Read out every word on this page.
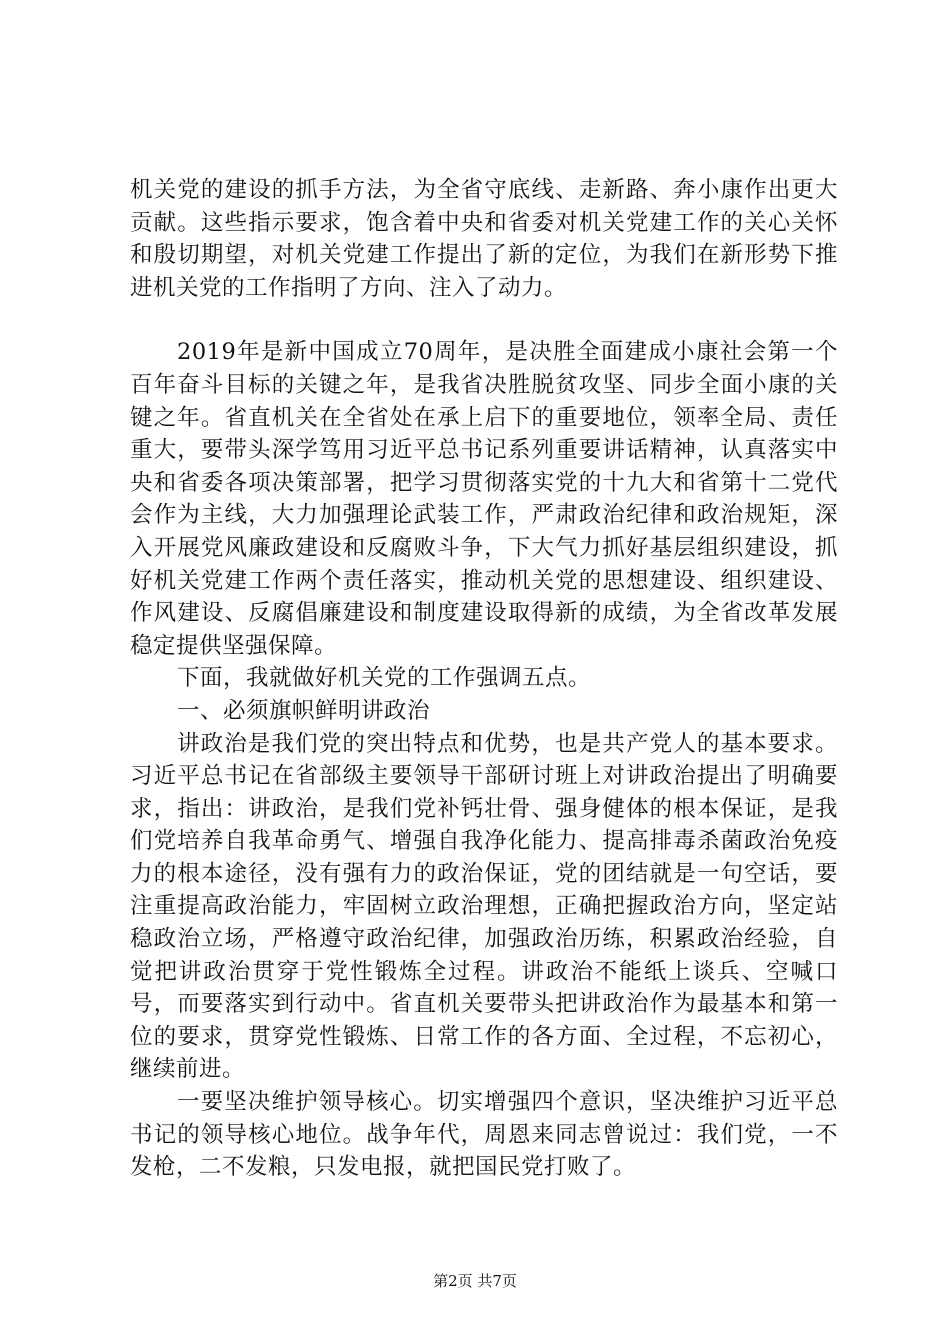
机关党的建设的抓手方法，为全省守底线、走新路、奔小康作出更大贡献。这些指示要求，饱含着中央和省委对机关党建工作的关心关怀和殷切期望，对机关党建工作提出了新的定位，为我们在新形势下推进机关党的工作指明了方向、注入了动力。

2019年是新中国成立70周年，是决胜全面建成小康社会第一个百年奋斗目标的关键之年，是我省决胜脱贫攻坚、同步全面小康的关键之年。省直机关在全省处在承上启下的重要地位，领率全局、责任重大，要带头深学笃用习近平总书记系列重要讲话精神，认真落实中央和省委各项决策部署，把学习贯彻落实党的十九大和省第十二党代会作为主线，大力加强理论武装工作，严肃政治纪律和政治规矩，深入开展党风廉政建设和反腐败斗争，下大气力抓好基层组织建设，抓好机关党建工作两个责任落实，推动机关党的思想建设、组织建设、作风建设、反腐倡廉建设和制度建设取得新的成绩，为全省改革发展稳定提供坚强保障。

下面，我就做好机关党的工作强调五点。

一、必须旗帜鲜明讲政治

讲政治是我们党的突出特点和优势，也是共产党人的基本要求。习近平总书记在省部级主要领导干部研讨班上对讲政治提出了明确要求，指出：讲政治，是我们党补钙壮骨、强身健体的根本保证，是我们党培养自我革命勇气、增强自我净化能力、提高排毒杀菌政治免疫力的根本途径，没有强有力的政治保证，党的团结就是一句空话，要注重提高政治能力，牢固树立政治理想，正确把握政治方向，坚定站稳政治立场，严格遵守政治纪律，加强政治历练，积累政治经验，自觉把讲政治贯穿于党性锻炼全过程。讲政治不能纸上谈兵、空喊口号，而要落实到行动中。省直机关要带头把讲政治作为最基本和第一位的要求，贯穿党性锻炼、日常工作的各方面、全过程，不忘初心，继续前进。

一要坚决维护领导核心。切实增强四个意识，坚决维护习近平总书记的领导核心地位。战争年代，周恩来同志曾说过：我们党，一不发枪，二不发粮，只发电报，就把国民党打败了。

第2页 共7页
